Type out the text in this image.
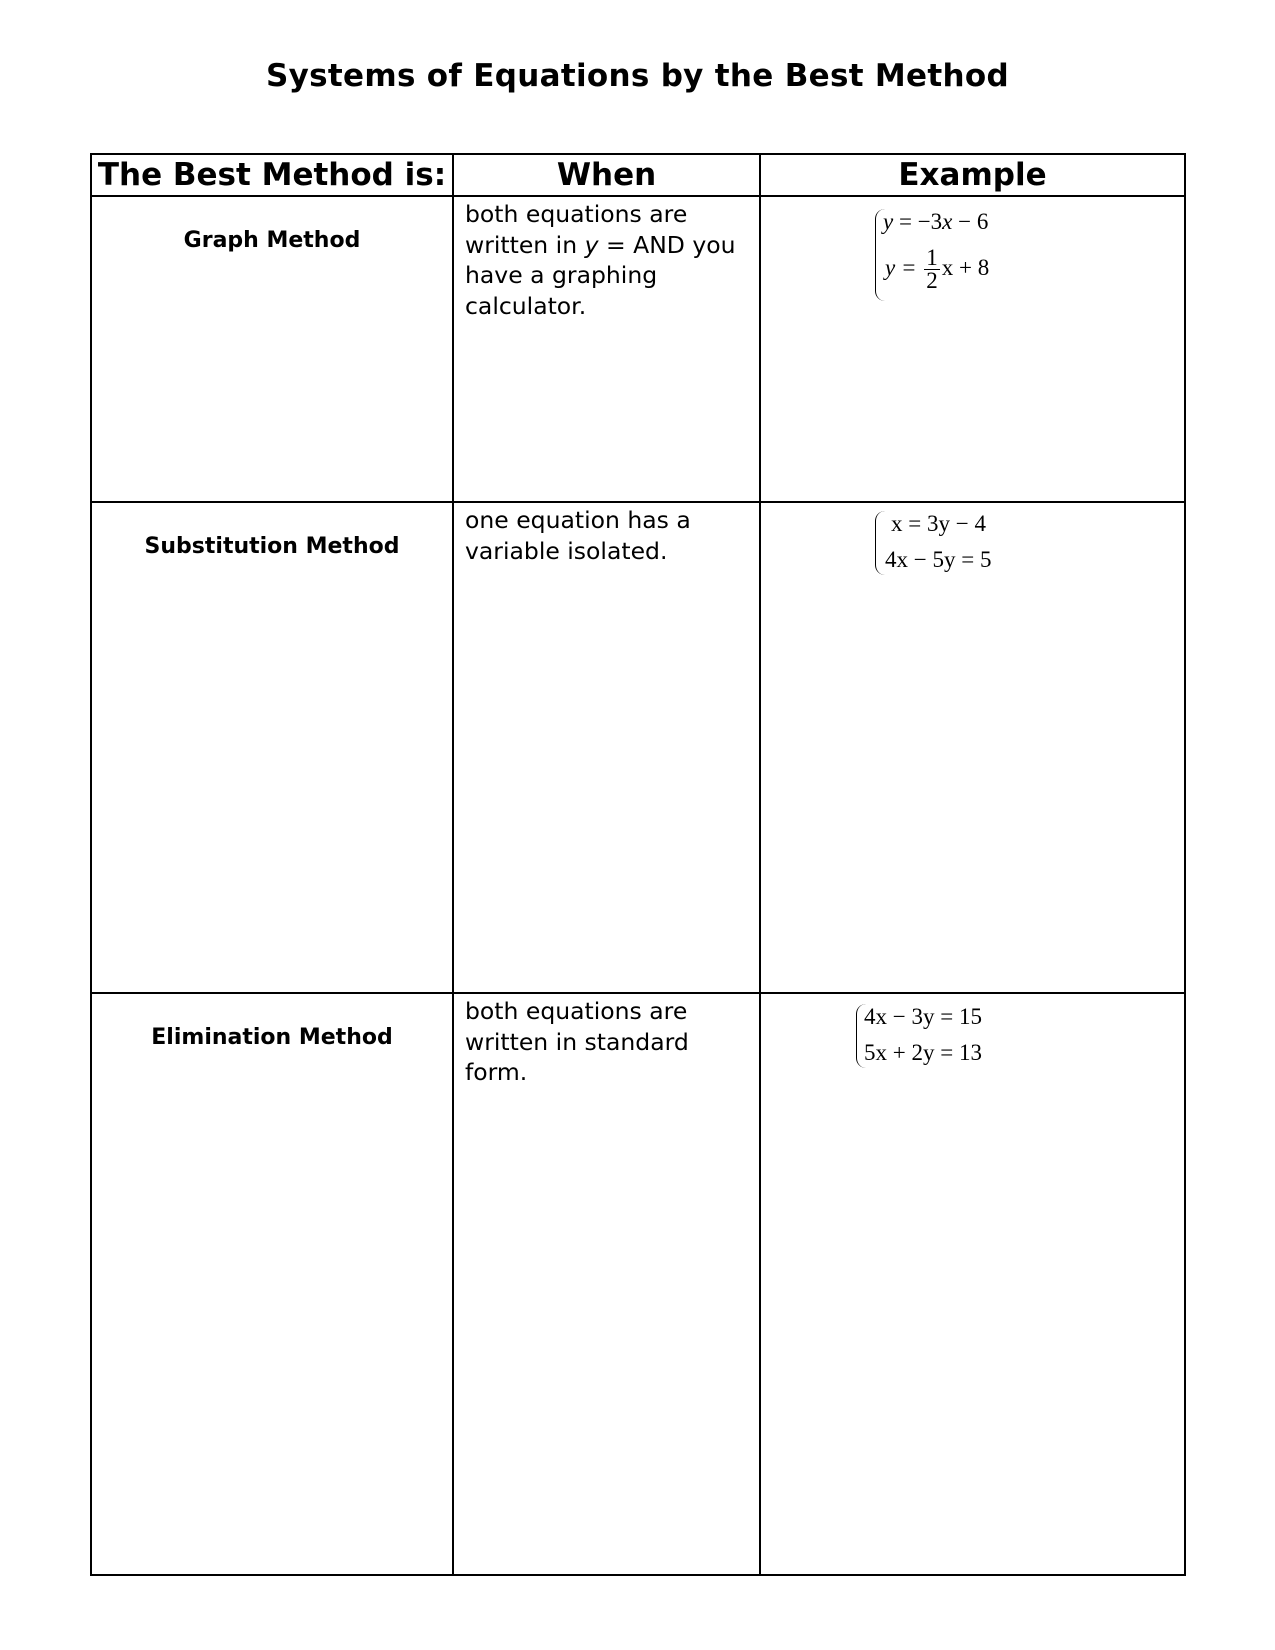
Systems of Equations by the Best Method
The Best Method is:	When	Example

Graph Method	both equations are written in y = AND you have a graphing calculator.	y = −3x − 6
$y = \frac{1}{2}$ x + 8

Substitution Method	one equation has a variable isolated.	x = 3y − 4
4x − 5y = 5

Elimination Method	both equations are written in standard form.	4x − 3y = 15
5x + 2y = 13
